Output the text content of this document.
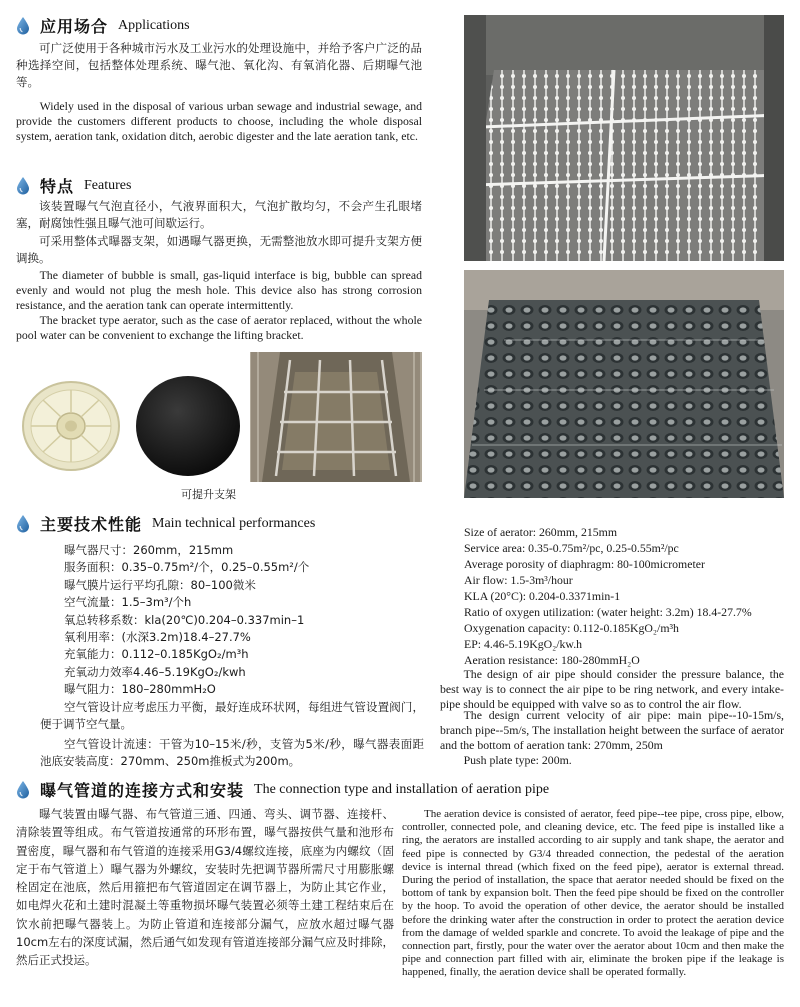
应用场合 Applications

可广泛使用于各种城市污水及工业污水的处理设施中，并给予客户广泛的品种选择空间，包括整体处理系统、曝气池、氧化沟、有氧消化器、后期曝气池等。

Widely used in the disposal of various urban sewage and industrial sewage, and provide the customers different products to choose, including the whole disposal system, aeration tank, oxidation ditch, aerobic digester and the late aeration tank, etc.

特点 Features

该装置曝气气泡直径小，气液界面积大，气泡扩散均匀，不会产生孔眼堵塞，耐腐蚀性强且曝气池可间歇运行。

可采用整体式曝器支架，如遇曝气器更换，无需整池放水即可提升支架方便调换。

The diameter of bubble is small, gas-liquid interface is big, bubble can spread evenly and would not plug the mesh hole. This device also has strong corrosion resistance, and the aeration tank can operate intermittently.

The bracket type aerator, such as the case of aerator replaced, without the whole pool water can be convenient to exchange the lifting bracket.

可提升支架
主要技术性能 Main technical performances
曝气器尺寸：260mm，215mm
服务面积：0.35–0.75m²/个，0.25–0.55m²/个
曝气膜片运行平均孔隙：80–100微米
空气流量：1.5–3m³/个h
氧总转移系数：kla(20℃)0.204–0.337min–1
氧利用率：(水深3.2m)18.4–27.7%
充氧能力：0.112–0.185KgO₂/m³h
充氧动力效率4.46–5.19KgO₂/kwh
曝气阻力：180–280mmH₂O

空气管设计应考虑压力平衡，最好连成环状网，每组进气管设置阀门，便于调节空气量。

空气管设计流速：干管为10–15米/秒，支管为5米/秒，曝气器表面距池底安装高度：270mm、250m推板式为200m。

Size of aerator: 260mm, 215mm
Service area: 0.35-0.75m²/pc, 0.25-0.55m²/pc
Average porosity of diaphragm: 80-100micrometer
Air flow: 1.5-3m³/hour
KLA (20°C): 0.204-0.3371min-1
Ratio of oxygen utilization: (water height: 3.2m) 18.4-27.7%
Oxygenation capacity: 0.112-0.185KgO₂/m³h
EP: 4.46-5.19KgO₂/kw.h
Aeration resistance: 180-280mmH₂O

The design of air pipe should consider the pressure balance, the best way is to connect the air pipe to be ring network, and every intake-pipe should be equipped with valve so as to control the air flow.

The design current velocity of air pipe: main pipe--10-15m/s, branch pipe--5m/s, The installation height between the surface of aerator and the bottom of aeration tank: 270mm, 250m

Push plate type: 200m.

曝气管道的连接方式和安装 The connection type and installation of aeration pipe

曝气装置由曝气器、布气管道三通、四通、弯头、调节器、连接杆、清除装置等组成。布气管道按通常的环形布置，曝气器按供气量和池形布置密度，曝气器和布气管道的连接采用G3/4螺纹连接，底座为内螺纹（固定于布气管道上）曝气器为外螺纹，安装时先把调节器所需尺寸用膨胀螺栓固定在池底，然后用箍把布气管道固定在调节器上，为防止其它作业，如电焊火花和土建时混凝土等重物损坏曝气装置必须等土建工程结束后在饮水前把曝气器装上。为防止管道和连接部分漏气，应放水超过曝气器10cm左右的深度试漏，然后通气如发现有管道连接部分漏气应及时排除，然后正式投运。

The aeration device is consisted of aerator, feed pipe--tee pipe, cross pipe, elbow, controller, connected pole, and cleaning device, etc. The feed pipe is installed like a ring, the aerators are installed according to air supply and tank shape, the aerator and feed pipe is connected by G3/4 threaded connection, the pedestal of the aeration device is internal thread (which fixed on the feed pipe), aerator is external thread. During the period of installation, the space that aerator needed should be fixed on the bottom of tank by expansion bolt. Then the feed pipe should be fixed on the controller by the hoop. To avoid the operation of other device, the aerator should be installed before the drinking water after the construction in order to protect the aeration device from the damage of welded sparkle and concrete. To avoid the leakage of pipe and the connection part, firstly, pour the water over the aerator about 10cm and then make the pipe and connection part filled with air, eliminate the broken pipe if the leakage is happened, finally, the aeration device shall be operated formally.
